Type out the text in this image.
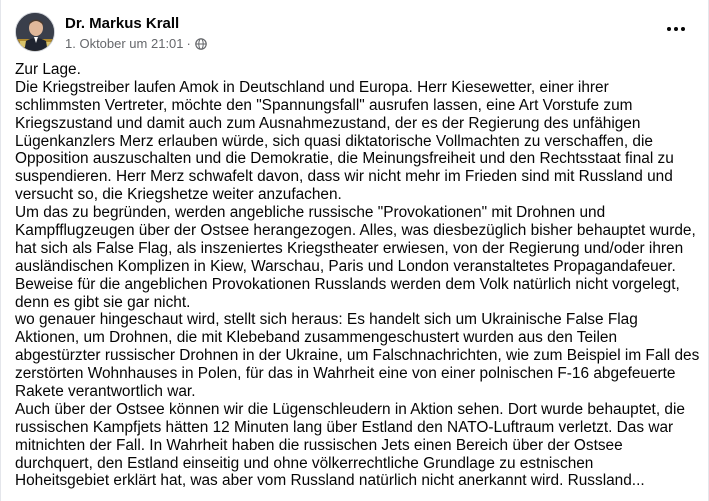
Dr. Markus Krall
1. Oktober um 21:01 ·
Zur Lage.
Die Kriegstreiber laufen Amok in Deutschland und Europa. Herr Kiesewetter, einer ihrer
schlimmsten Vertreter, möchte den "Spannungsfall" ausrufen lassen, eine Art Vorstufe zum
Kriegszustand und damit auch zum Ausnahmezustand, der es der Regierung des unfähigen
Lügenkanzlers Merz erlauben würde, sich quasi diktatorische Vollmachten zu verschaffen, die
Opposition auszuschalten und die Demokratie, die Meinungsfreiheit und den Rechtsstaat final zu
suspendieren. Herr Merz schwafelt davon, dass wir nicht mehr im Frieden sind mit Russland und
versucht so, die Kriegshetze weiter anzufachen.
Um das zu begründen, werden angebliche russische "Provokationen" mit Drohnen und
Kampfflugzeugen über der Ostsee herangezogen. Alles, was diesbezüglich bisher behauptet wurde,
hat sich als False Flag, als inszeniertes Kriegstheater erwiesen, von der Regierung und/oder ihren
ausländischen Komplizen in Kiew, Warschau, Paris und London veranstaltetes Propagandafeuer.
Beweise für die angeblichen Provokationen Russlands werden dem Volk natürlich nicht vorgelegt,
denn es gibt sie gar nicht.
wo genauer hingeschaut wird, stellt sich heraus: Es handelt sich um Ukrainische False Flag
Aktionen, um Drohnen, die mit Klebeband zusammengeschustert wurden aus den Teilen
abgestürzter russischer Drohnen in der Ukraine, um Falschnachrichten, wie zum Beispiel im Fall des
zerstörten Wohnhauses in Polen, für das in Wahrheit eine von einer polnischen F-16 abgefeuerte
Rakete verantwortlich war.
Auch über der Ostsee können wir die Lügenschleudern in Aktion sehen. Dort wurde behauptet, die
russischen Kampfjets hätten 12 Minuten lang über Estland den NATO-Luftraum verletzt. Das war
mitnichten der Fall. In Wahrheit haben die russischen Jets einen Bereich über der Ostsee
durchquert, den Estland einseitig und ohne völkerrechtliche Grundlage zu estnischen
Hoheitsgebiet erklärt hat, was aber vom Russland natürlich nicht anerkannt wird. Russland...
